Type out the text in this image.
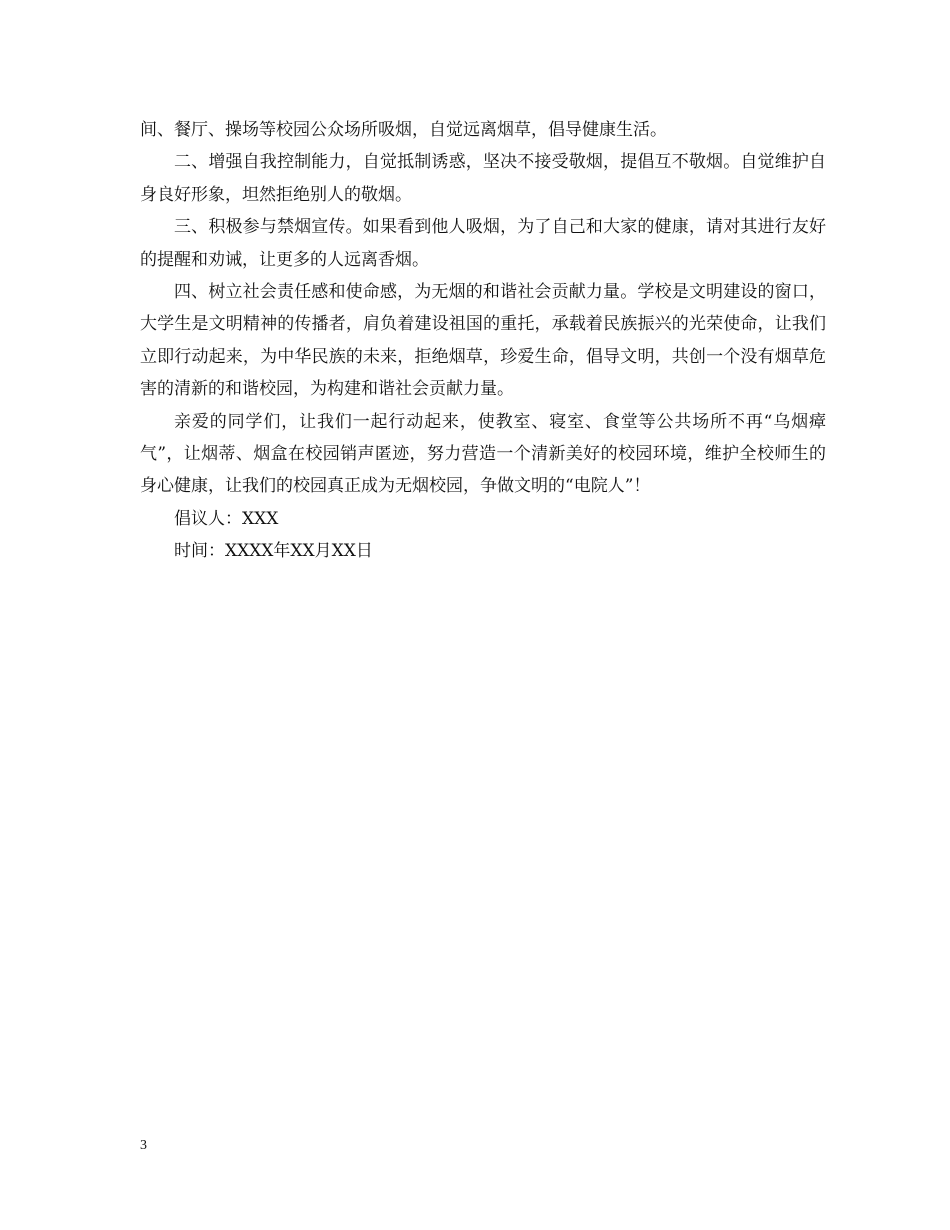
间、餐厅、操场等校园公众场所吸烟，自觉远离烟草，倡导健康生活。

二、增强自我控制能力，自觉抵制诱惑，坚决不接受敬烟，提倡互不敬烟。自觉维护自身良好形象，坦然拒绝别人的敬烟。

三、积极参与禁烟宣传。如果看到他人吸烟，为了自己和大家的健康，请对其进行友好的提醒和劝诫，让更多的人远离香烟。

四、树立社会责任感和使命感，为无烟的和谐社会贡献力量。学校是文明建设的窗口，大学生是文明精神的传播者，肩负着建设祖国的重托，承载着民族振兴的光荣使命，让我们立即行动起来，为中华民族的未来，拒绝烟草，珍爱生命，倡导文明，共创一个没有烟草危害的清新的和谐校园，为构建和谐社会贡献力量。

亲爱的同学们，让我们一起行动起来，使教室、寝室、食堂等公共场所不再“乌烟瘴气”，让烟蒂、烟盒在校园销声匿迹，努力营造一个清新美好的校园环境，维护全校师生的身心健康，让我们的校园真正成为无烟校园，争做文明的“电院人”！

倡议人：XXX

时间：XXXX年XX月XX日

3
